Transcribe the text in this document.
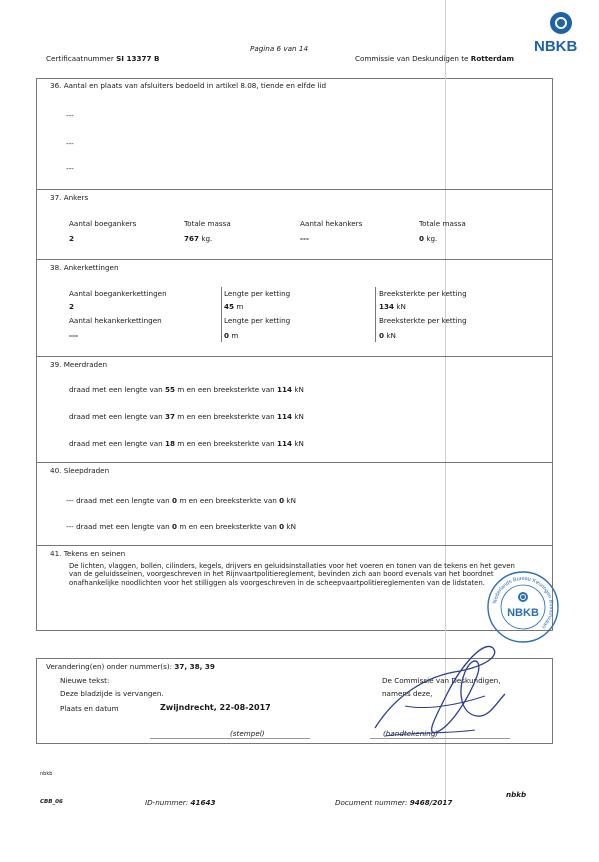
Certificaatnummer SI 13377 B
Pagina 6 van 14
Commissie van Deskundigen te Rotterdam
NBKB
36. Aantal en plaats van afsluiters bedoeld in artikel 8.08, tiende en elfde lid
---
---
---
37. Ankers
Aantal boegankers	Totale massa	Aantal hekankers	Totale massa
2	767 kg.	---	0 kg.
38. Ankerkettingen
Aantal boegankerkettingen	Lengte per ketting	Breeksterkte per ketting
2	45 m	134 kN
Aantal hekankerkettingen	Lengte per ketting	Breeksterkte per ketting
---	0 m	0 kN
39. Meerdraden
draad met een lengte van 55 m en een breeksterkte van 114 kN
draad met een lengte van 37 m en een breeksterkte van 114 kN
draad met een lengte van 18 m en een breeksterkte van 114 kN
40. Sleepdraden
--- draad met een lengte van 0 m en een breeksterkte van 0 kN
--- draad met een lengte van 0 m en een breeksterkte van 0 kN
41. Tekens en seinen
De lichten, vlaggen, bollen, cilinders, kegels, drijvers en geluidsinstallaties voor het voeren en tonen van de tekens en het geven van de geluidsseinen, voorgeschreven in het Rijnvaartpolitiereglement, bevinden zich aan boord evenals van het boordnet onafhankelijke noodlichten voor het stilliggen als voorgeschreven in de scheepvaartpolitiereglementen van de lidstaten.
Nederlands Bureau Keuringen Binnenvaart
NBKB
Verandering(en) onder nummer(s): 37, 38, 39
Nieuwe tekst:
Deze bladzijde is vervangen.
Plaats en datum	Zwijndrecht, 22-08-2017
(stempel)
De Commissie van Deskundigen,
namens deze,
(handtekening)
nbkb
CBB_06	ID-nummer: 41643	Document nummer: 9468/2017
nbkb
